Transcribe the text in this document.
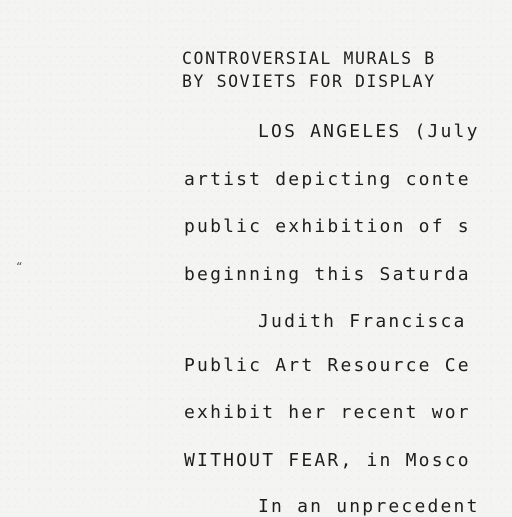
“
CONTROVERSIAL MURALS B
BY SOVIETS FOR DISPLAY
LOS ANGELES (July
artist depicting conte
public exhibition of s
beginning this Saturda
Judith Francisca
Public Art Resource Ce
exhibit her recent wor
WITHOUT FEAR, in Mosco
In an unprecedent
